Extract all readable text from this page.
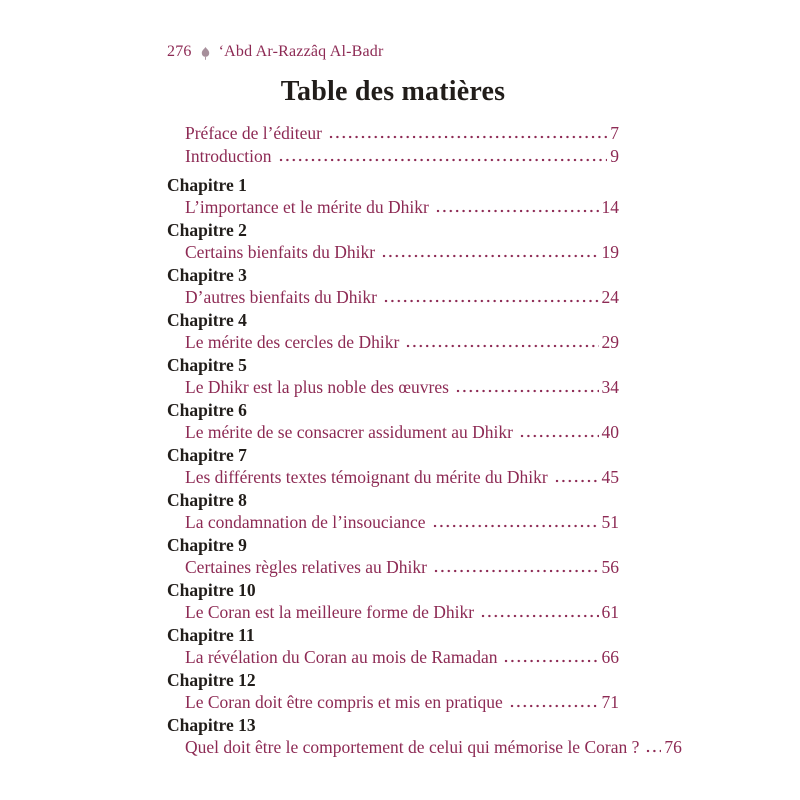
276 ‘Abd Ar-Razzâq Al-Badr
Table des matières
Préface de l’éditeur	7
Introduction	9
Chapitre 1
L’importance et le mérite du Dhikr	14
Chapitre 2
Certains bienfaits du Dhikr	19
Chapitre 3
D’autres bienfaits du Dhikr	24
Chapitre 4
Le mérite des cercles de Dhikr	29
Chapitre 5
Le Dhikr est la plus noble des œuvres	34
Chapitre 6
Le mérite de se consacrer assidument au Dhikr	40
Chapitre 7
Les différents textes témoignant du mérite du Dhikr	45
Chapitre 8
La condamnation de l’insouciance	51
Chapitre 9
Certaines règles relatives au Dhikr	56
Chapitre 10
Le Coran est la meilleure forme de Dhikr	61
Chapitre 11
La révélation du Coran au mois de Ramadan	66
Chapitre 12
Le Coran doit être compris et mis en pratique	71
Chapitre 13
Quel doit être le comportement de celui qui mémorise le Coran ? 76
